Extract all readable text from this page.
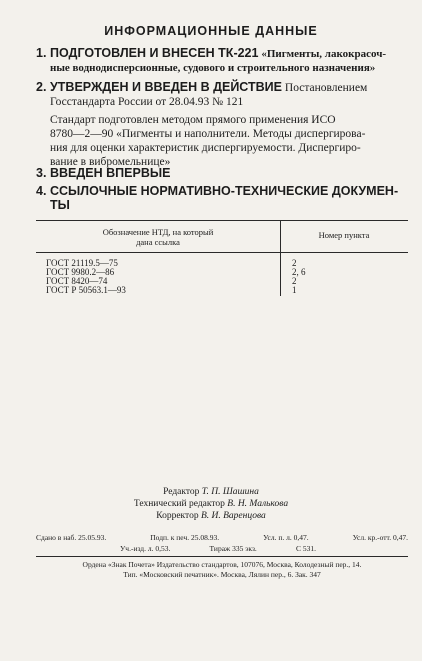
ИНФОРМАЦИОННЫЕ ДАННЫЕ
1. ПОДГОТОВЛЕН И ВНЕСЕН ТК-221 «Пигменты, лакокрасоч-
ные воднодисперсионные, судового и строительного назначения»
2. УТВЕРЖДЕН И ВВЕДЕН В ДЕЙСТВИЕ Постановлением
Госстандарта России от 28.04.93 № 121
Стандарт подготовлен методом прямого применения ИСО
8780—2—90 «Пигменты и наполнители. Методы диспергирова-
ния для оценки характеристик диспергируемости. Диспергиро-
вание в вибромельнице»
3. ВВЕДЕН ВПЕРВЫЕ
4. ССЫЛОЧНЫЕ НОРМАТИВНО-ТЕХНИЧЕСКИЕ ДОКУМЕН-
ТЫ
Обозначение НТД, на который
дана ссылка
Номер пункта
ГОСТ 21119.5—75	2
ГОСТ 9980.2—86	2, 6
ГОСТ 8420—74	2
ГОСТ Р 50563.1—93	1
Редактор Т. П. Шашина
Технический редактор В. Н. Малькова
Корректор В. И. Варенцова
Сдано в наб. 25.05.93.	Подп. к печ. 25.08.93.	Усл. п. л. 0,47.	Усл. кр.-отт. 0,47.
Уч.-изд. л. 0,53.	Тираж 335 экз.	С 531.
Ордена «Знак Почета» Издательство стандартов, 107076, Москва, Колодезный пер., 14.
Тип. «Московский печатник». Москва, Лялин пер., 6. Зак. 347
